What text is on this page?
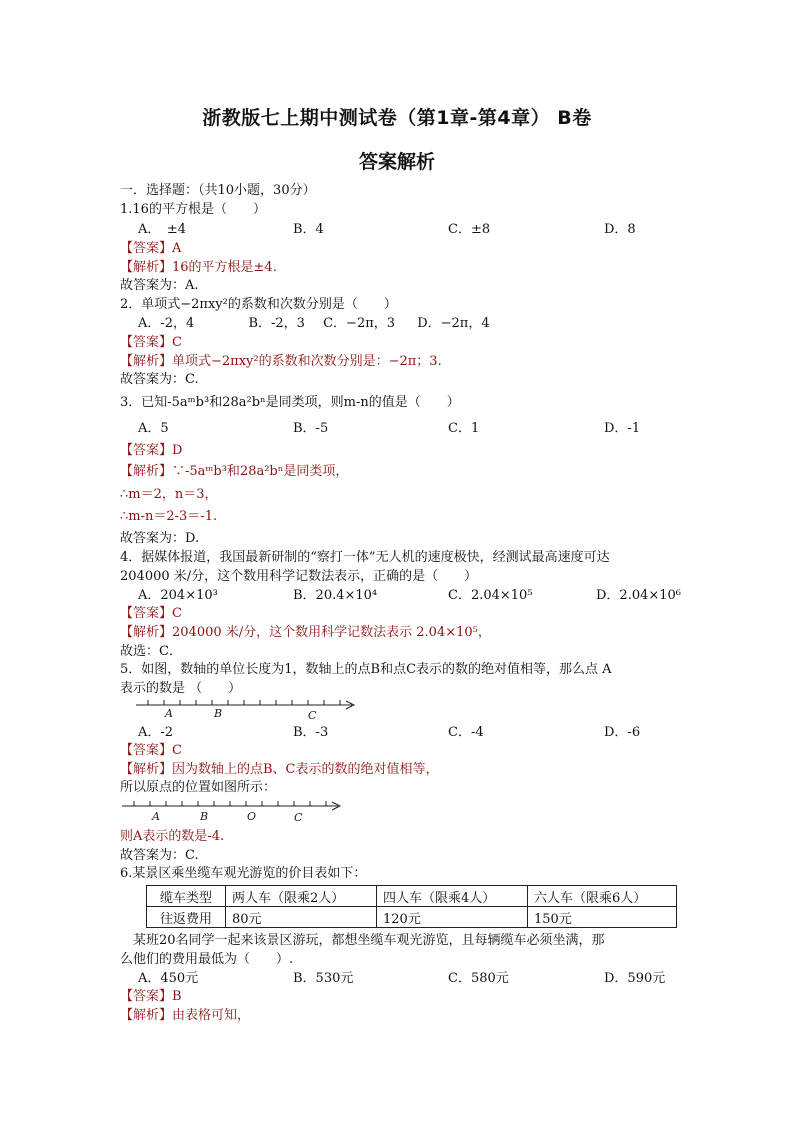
浙教版七上期中测试卷（第1章-第4章） B卷
答案解析
一．选择题：（共10小题，30分）
1.16的平方根是（　　）
A．　±4	B．4	C．±8	D．8
【答案】A
【解析】16的平方根是±4.
故答案为：A.
2．单项式−2πxy²的系数和次数分别是（　　）
A．-2，4	B．-2，3 C．−2π，3 D．−2π，4
【答案】C
【解析】单项式−2πxy²的系数和次数分别是：−2π；3.
故答案为：C.
3．已知-5aᵐb³和28a²bⁿ是同类项，则m-n的值是（　　）
A．5	B．-5	C．1	D．-1
【答案】D
【解析】∵-5aᵐb³和28a²bⁿ是同类项，
∴m＝2，n＝3，
∴m-n＝2-3＝-1.
故答案为：D.
4．据媒体报道，我国最新研制的“察打一体”无人机的速度极快，经测试最高速度可达
204000 米/分，这个数用科学记数法表示，正确的是（　　）
A．204×10³	B．20.4×10⁴	C．2.04×10⁵	D．2.04×10⁶
【答案】C
【解析】204000 米/分，这个数用科学记数法表示 2.04×10⁵，
故选：C．
5．如图，数轴的单位长度为1，数轴上的点B和点C表示的数的绝对值相等，那么点 A
表示的数是 （　　）
A	B	C
A．-2	B．-3	C．-4	D．-6
【答案】C
【解析】因为数轴上的点B、C表示的数的绝对值相等，
所以原点的位置如图所示：
A	B	O	C
则A表示的数是-4.
故答案为：C.
6.某景区乘坐缆车观光游览的价目表如下：
缆车类型	两人车（限乘2人）	四人车（限乘4人）	六人车（限乘6人）
往返费用	80元	120元	150元
　某班20名同学一起来该景区游玩，都想坐缆车观光游览，且每辆缆车必须坐满，那
么他们的费用最低为（　　）.
A．450元	B．530元	C．580元	D．590元
【答案】B
【解析】由表格可知，
